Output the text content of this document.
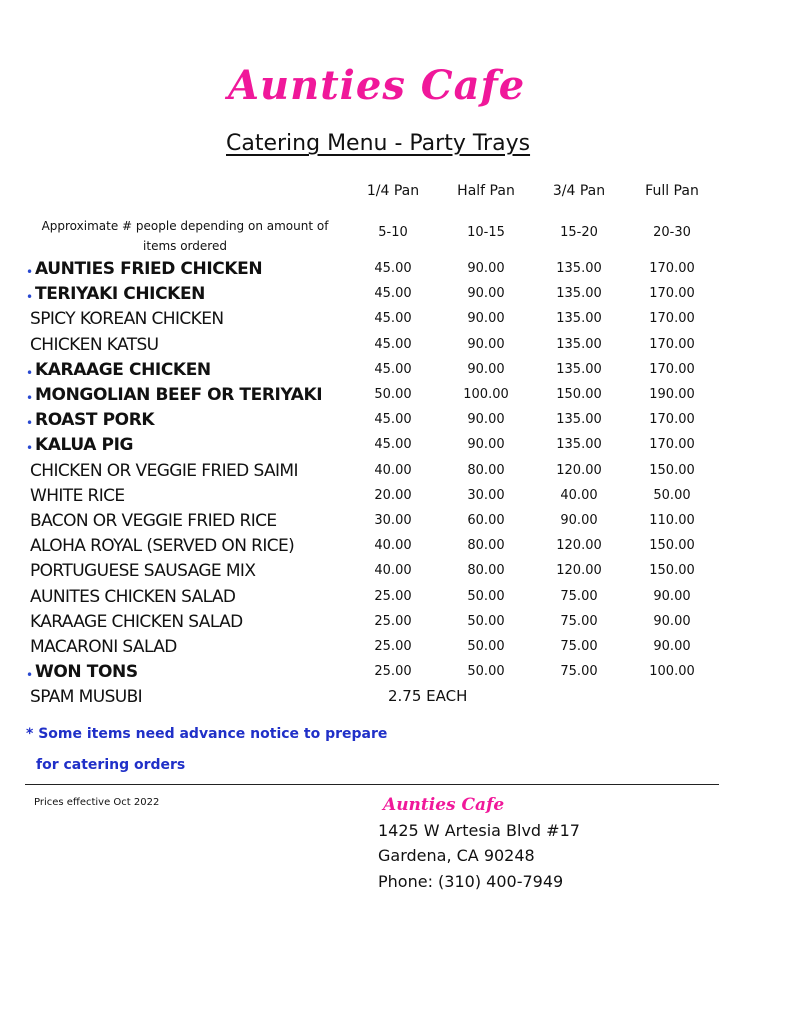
Aunties Cafe
Catering Menu - Party Trays
1/4 Pan	Half Pan	3/4 Pan	Full Pan
Approximate # people depending on amount of items ordered
5-10	10-15	15-20	20-30
• AUNTIES FRIED CHICKEN	45.00	90.00	135.00	170.00
• TERIYAKI CHICKEN	45.00	90.00	135.00	170.00
SPICY KOREAN CHICKEN	45.00	90.00	135.00	170.00
CHICKEN KATSU	45.00	90.00	135.00	170.00
• KARAAGE CHICKEN	45.00	90.00	135.00	170.00
• MONGOLIAN BEEF OR TERIYAKI	50.00	100.00	150.00	190.00
• ROAST PORK	45.00	90.00	135.00	170.00
• KALUA PIG	45.00	90.00	135.00	170.00
CHICKEN OR VEGGIE FRIED SAIMI	40.00	80.00	120.00	150.00
WHITE RICE	20.00	30.00	40.00	50.00
BACON OR VEGGIE FRIED RICE	30.00	60.00	90.00	110.00
ALOHA ROYAL (SERVED ON RICE)	40.00	80.00	120.00	150.00
PORTUGUESE SAUSAGE MIX	40.00	80.00	120.00	150.00
AUNITES CHICKEN SALAD	25.00	50.00	75.00	90.00
KARAAGE CHICKEN SALAD	25.00	50.00	75.00	90.00
MACARONI SALAD	25.00	50.00	75.00	90.00
• WON TONS	25.00	50.00	75.00	100.00
SPAM MUSUBI	2.75 EACH
* Some items need advance notice to prepare
for catering orders
Prices effective Oct 2022	Aunties Cafe
1425 W Artesia Blvd #17
Gardena, CA 90248
Phone: (310) 400-7949
